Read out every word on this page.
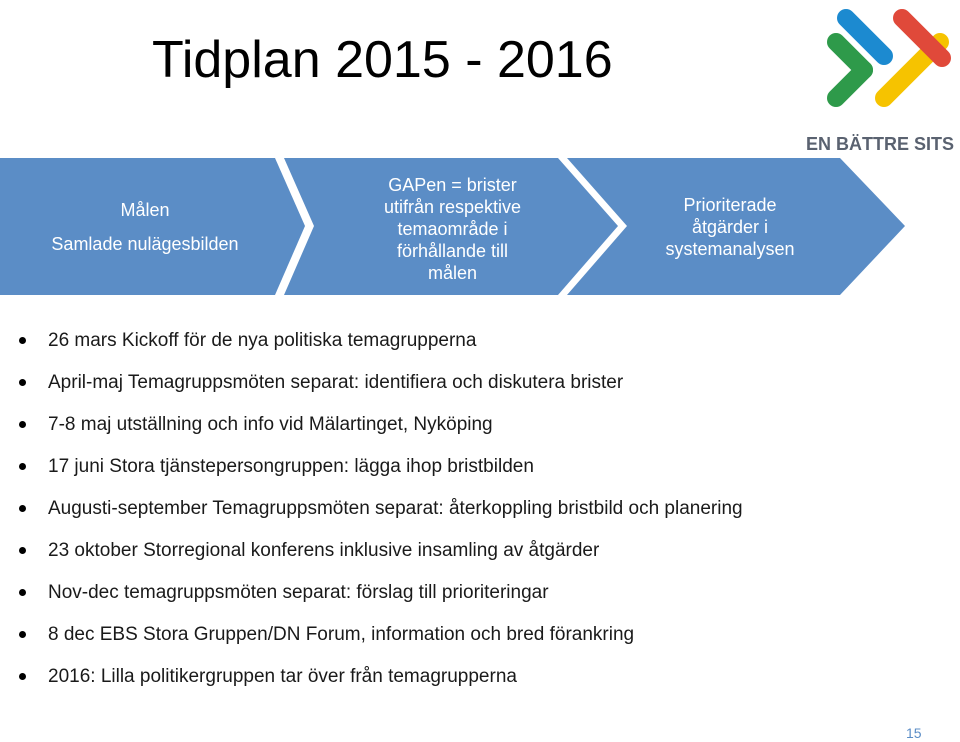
Tidplan 2015 - 2016
EN BÄTTRE SITS
Målen
Samlade nulägesbilden
GAPen = brister
utifrån respektive
temaområde i
förhållande till
målen
Prioriterade
åtgärder i
systemanalysen
26 mars Kickoff för de nya politiska temagrupperna
April-maj Temagruppsmöten separat: identifiera och diskutera brister
7-8 maj utställning och info vid Mälartinget, Nyköping
17 juni Stora tjänstepersongruppen: lägga ihop bristbilden
Augusti-september Temagruppsmöten separat: återkoppling bristbild och planering
23 oktober Storregional konferens inklusive insamling av åtgärder
Nov-dec temagruppsmöten separat: förslag till prioriteringar
8 dec EBS Stora Gruppen/DN Forum, information och bred förankring
2016: Lilla politikergruppen tar över från temagrupperna
15
